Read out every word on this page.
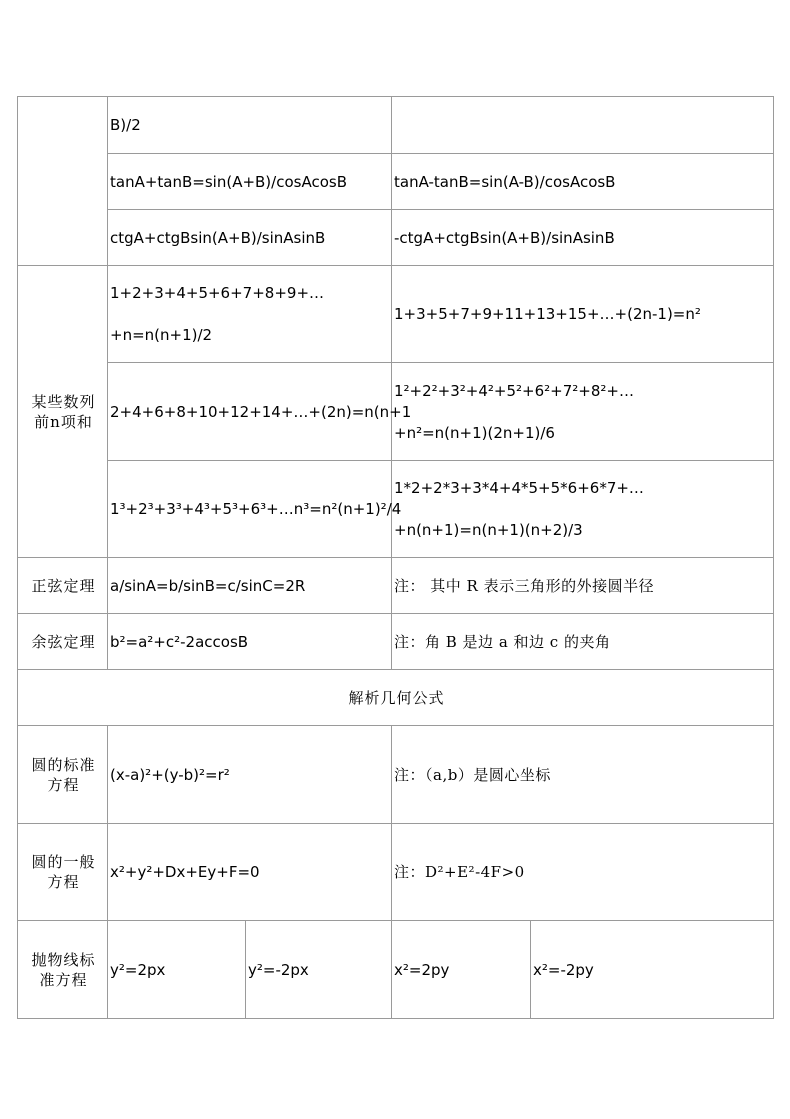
	B)/2			
	tanA+tanB=sin(A+B)/cosAcosB		tanA-tanB=sin(A-B)/cosAcosB	
	ctgA+ctgBsin(A+B)/sinAsinB		-ctgA+ctgBsin(A+B)/sinAsinB	

某些数列
前n项和	1+2+3+4+5+6+7+8+9+…
+n=n(n+1)/2		1+3+5+7+9+11+13+15+…+(2n-1)=n²	
	2+4+6+8+10+12+14+…+(2n)=n(n+1		1²+2²+3²+4²+5²+6²+7²+8²+…
+n²=n(n+1)(2n+1)/6	

	1³+2³+3³+4³+5³+6³+…n³=n²(n+1)²/4		1*2+2*3+3*4+4*5+5*6+6*7+…
+n(n+1)=n(n+1)(n+2)/3	

正弦定理	a/sinA=b/sinB=c/sinC=2R		注： 其中 R 表示三角形的外接圆半径	
余弦定理	b²=a²+c²-2accosB		注：角 B 是边 a 和边 c 的夹角	
解析几何公式				

圆的标准
方程	(x-a)²+(y-b)²=r²		注：（a,b）是圆心坐标	

圆的一般
方程	x²+y²+Dx+Ey+F=0		注：D²+E²-4F>0	

抛物线标
准方程	y²=2px	y²=-2px	x²=2py	x²=-2py
